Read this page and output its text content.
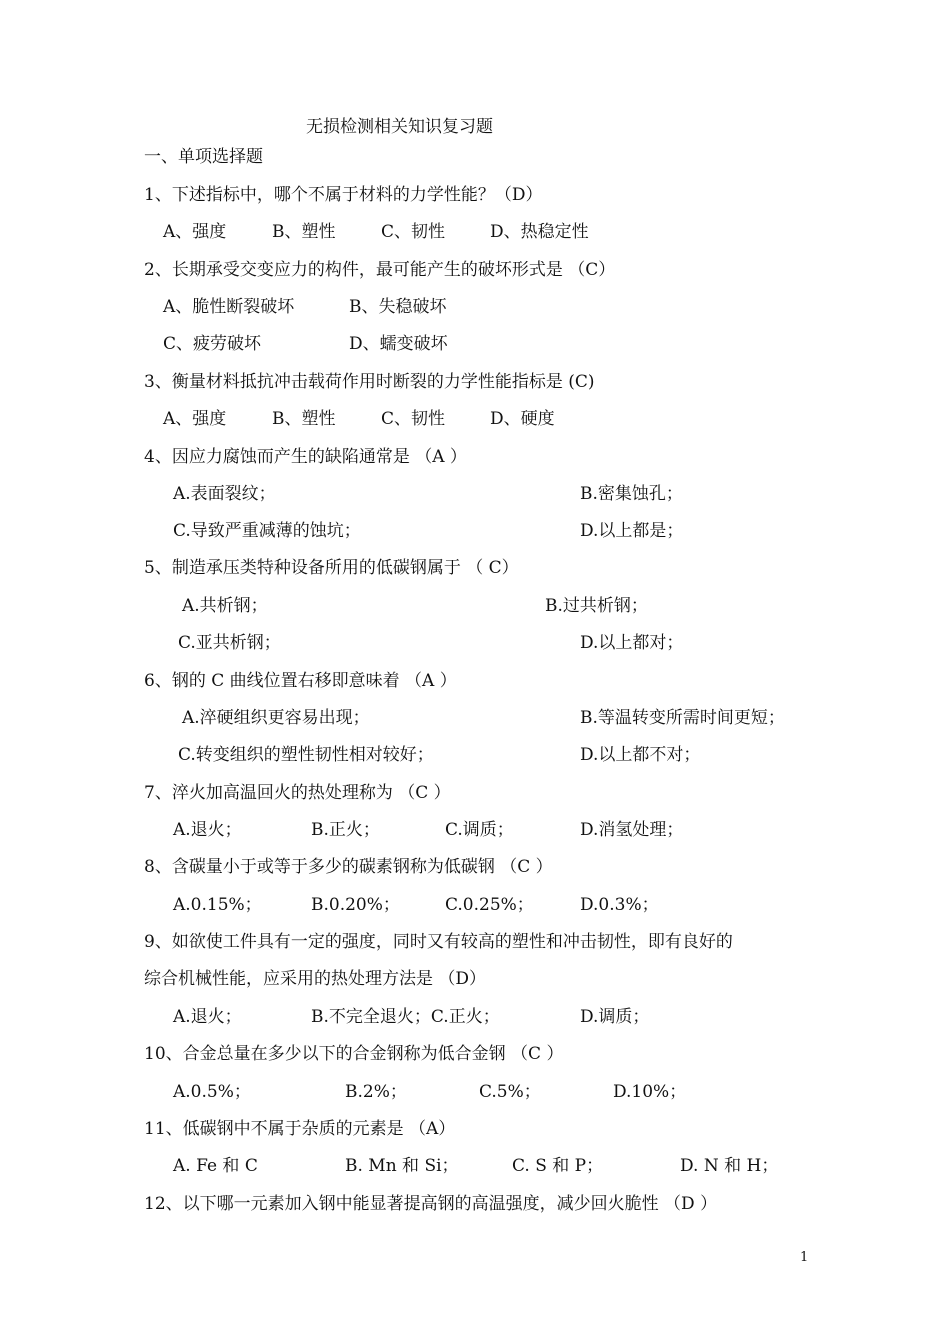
无损检测相关知识复习题
一、单项选择题
1、下述指标中，哪个不属于材料的力学性能？（D）
A、强度	B、塑性	C、韧性	D、热稳定性
2、长期承受交变应力的构件，最可能产生的破坏形式是 （C）
A、脆性断裂破坏	B、失稳破坏
C、疲劳破坏	D、蠕变破坏
3、衡量材料抵抗冲击载荷作用时断裂的力学性能指标是 (C)
A、强度	B、塑性	C、韧性	D、硬度
4、因应力腐蚀而产生的缺陷通常是 （A ）
A.表面裂纹；	B.密集蚀孔；
C.导致严重减薄的蚀坑；	D.以上都是；
5、制造承压类特种设备所用的低碳钢属于 （ C）
A.共析钢；	B.过共析钢；
C.亚共析钢；	D.以上都对；
6、钢的 C 曲线位置右移即意味着 （A ）
A.淬硬组织更容易出现；	B.等温转变所需时间更短；
C.转变组织的塑性韧性相对较好；	D.以上都不对；
7、淬火加高温回火的热处理称为 （C ）
A.退火；	B.正火；	C.调质；	D.消氢处理；
8、含碳量小于或等于多少的碳素钢称为低碳钢 （C ）
A.0.15%；	B.0.20%；	C.0.25%；	D.0.3%；
9、如欲使工件具有一定的强度，同时又有较高的塑性和冲击韧性，即有良好的
综合机械性能，应采用的热处理方法是 （D）
A.退火；	B.不完全退火；C.正火；	D.调质；
10、合金总量在多少以下的合金钢称为低合金钢 （C ）
A.0.5%；	B.2%；	C.5%；	D.10%；
11、低碳钢中不属于杂质的元素是 （A）
A. Fe 和 C	B. Mn 和 Si；	C. S 和 P；	D. N 和 H；
12、以下哪一元素加入钢中能显著提高钢的高温强度，减少回火脆性 （D ）
1
